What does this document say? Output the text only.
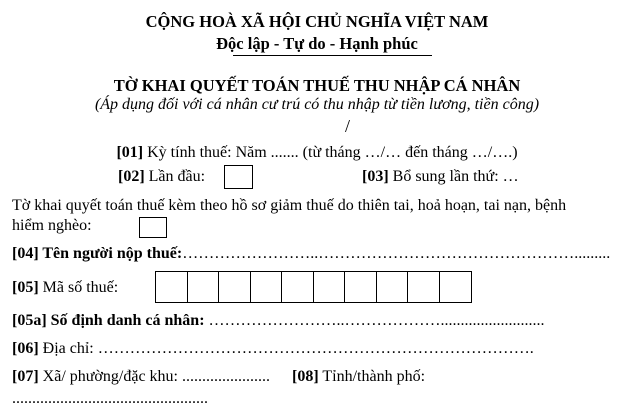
CỘNG HOÀ XÃ HỘI CHỦ NGHĨA VIỆT NAM
Độc lập - Tự do - Hạnh phúc
TỜ KHAI QUYẾT TOÁN THUẾ THU NHẬP CÁ NHÂN
(Áp dụng đối với cá nhân cư trú có thu nhập từ tiền lương, tiền công)
/
[01] Kỳ tính thuế: Năm ....... (từ tháng …/… đến tháng …/….)
[02] Lần đầu:	[03] Bổ sung lần thứ: …
Tờ khai quyết toán thuế kèm theo hồ sơ giảm thuế do thiên tai, hoả hoạn, tai nạn, bệnh
hiểm nghèo:
[04] Tên người nộp thuế:……………………..………………………………………….........
[05] Mã số thuế:
[05a] Số định danh cá nhân: ……………………..………………..........................
[06] Địa chỉ: ……………………………………………………………………….
[07] Xã/ phường/đặc khu: ...................... [08] Tỉnh/thành phố:
.................................................
